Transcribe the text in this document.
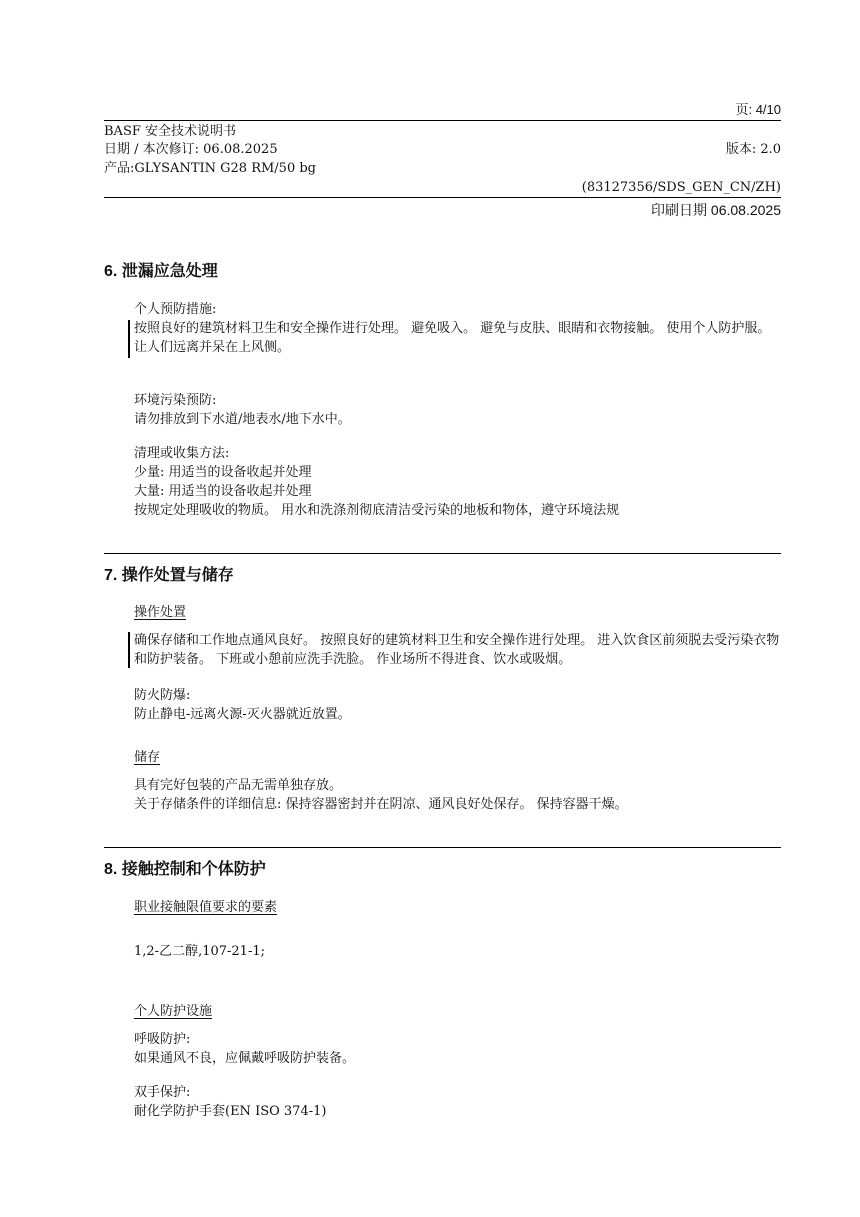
页: 4/10
BASF 安全技术说明书
日期 / 本次修订: 06.08.2025	版本: 2.0
产品:GLYSANTIN G28 RM/50 bg
(83127356/SDS_GEN_CN/ZH)
印刷日期 06.08.2025
6. 泄漏应急处理
个人预防措施:
按照良好的建筑材料卫生和安全操作进行处理。 避免吸入。 避免与皮肤、眼睛和衣物接触。 使用个人防护服。 让人们远离并呆在上风侧。
环境污染预防:
请勿排放到下水道/地表水/地下水中。
清理或收集方法:
少量: 用适当的设备收起并处理
大量: 用适当的设备收起并处理
按规定处理吸收的物质。 用水和洗涤剂彻底清洁受污染的地板和物体，遵守环境法规
7. 操作处置与储存
操作处置
确保存储和工作地点通风良好。 按照良好的建筑材料卫生和安全操作进行处理。 进入饮食区前须脱去受污染衣物和防护装备。 下班或小憩前应洗手洗脸。 作业场所不得进食、饮水或吸烟。
防火防爆:
防止静电-远离火源-灭火器就近放置。
储存
具有完好包装的产品无需单独存放。
关于存储条件的详细信息: 保持容器密封并在阴凉、通风良好处保存。 保持容器干燥。
8. 接触控制和个体防护
职业接触限值要求的要素
1,2-乙二醇,107-21-1;
个人防护设施
呼吸防护:
如果通风不良，应佩戴呼吸防护装备。
双手保护:
耐化学防护手套(EN ISO 374-1)
